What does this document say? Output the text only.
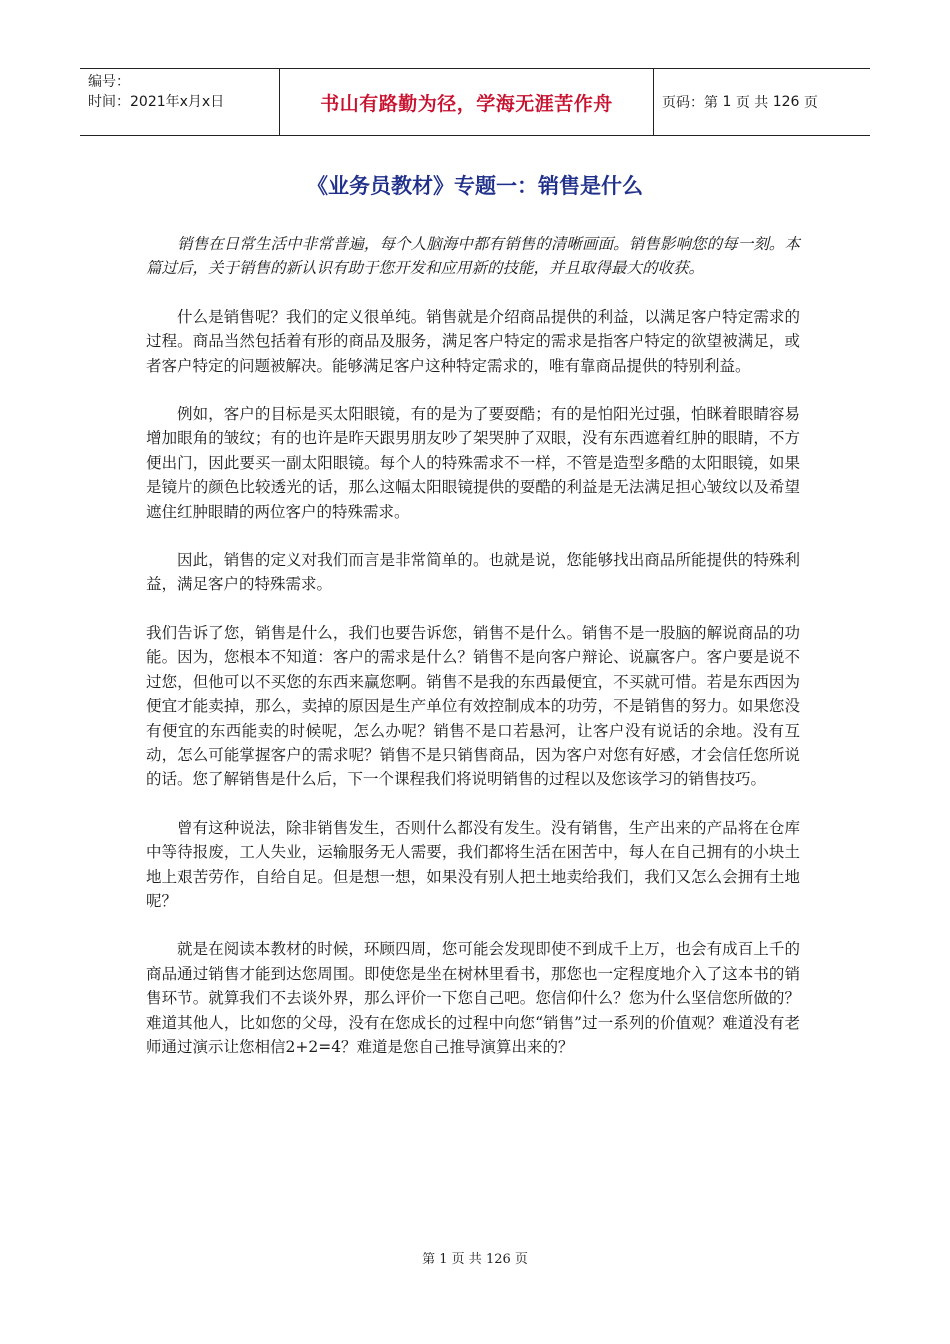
编号：
时间：2021年x月x日	书山有路勤为径，学海无涯苦作舟	页码：第
1
页 共
126
页
《业务员教材》专题一：销售是什么

销售在日常生活中非常普遍，每个人脑海中都有销售的清晰画面。销售影响您的每一刻。本篇过后，关于销售的新认识有助于您开发和应用新的技能，并且取得最大的收获。

什么是销售呢？我们的定义很单纯。销售就是介绍商品提供的利益，以满足客户特定需求的过程。商品当然包括着有形的商品及服务，满足客户特定的需求是指客户特定的欲望被满足，或者客户特定的问题被解决。能够满足客户这种特定需求的，唯有靠商品提供的特别利益。

例如，客户的目标是买太阳眼镜，有的是为了要耍酷；有的是怕阳光过强，怕眯着眼睛容易增加眼角的皱纹；有的也许是昨天跟男朋友吵了架哭肿了双眼，没有东西遮着红肿的眼睛，不方便出门，因此要买一副太阳眼镜。每个人的特殊需求不一样，不管是造型多酷的太阳眼镜，如果是镜片的颜色比较透光的话，那么这幅太阳眼镜提供的耍酷的利益是无法满足担心皱纹以及希望遮住红肿眼睛的两位客户的特殊需求。

因此，销售的定义对我们而言是非常简单的。也就是说，您能够找出商品所能提供的特殊利益，满足客户的特殊需求。

我们告诉了您，销售是什么，我们也要告诉您，销售不是什么。销售不是一股脑的解说商品的功能。因为，您根本不知道：客户的需求是什么？销售不是向客户辩论、说赢客户。客户要是说不过您，但他可以不买您的东西来赢您啊。销售不是我的东西最便宜，不买就可惜。若是东西因为便宜才能卖掉，那么，卖掉的原因是生产单位有效控制成本的功劳，不是销售的努力。如果您没有便宜的东西能卖的时候呢，怎么办呢？销售不是口若悬河，让客户没有说话的余地。没有互动，怎么可能掌握客户的需求呢？销售不是只销售商品，因为客户对您有好感，才会信任您所说的话。您了解销售是什么后，下一个课程我们将说明销售的过程以及您该学习的销售技巧。

曾有这种说法，除非销售发生，否则什么都没有发生。没有销售，生产出来的产品将在仓库中等待报废，工人失业，运输服务无人需要，我们都将生活在困苦中，每人在自己拥有的小块土地上艰苦劳作，自给自足。但是想一想，如果没有别人把土地卖给我们，我们又怎么会拥有土地呢？

就是在阅读本教材的时候，环顾四周，您可能会发现即使不到成千上万，也会有成百上千的商品通过销售才能到达您周围。即使您是坐在树林里看书，那您也一定程度地介入了这本书的销售环节。就算我们不去谈外界，那么评价一下您自己吧。您信仰什么？您为什么坚信您所做的？难道其他人，比如您的父母，没有在您成长的过程中向您“销售”过一系列的价值观？难道没有老师通过演示让您相信2+2=4？难道是您自己推导演算出来的？

第 1 页 共 126 页
